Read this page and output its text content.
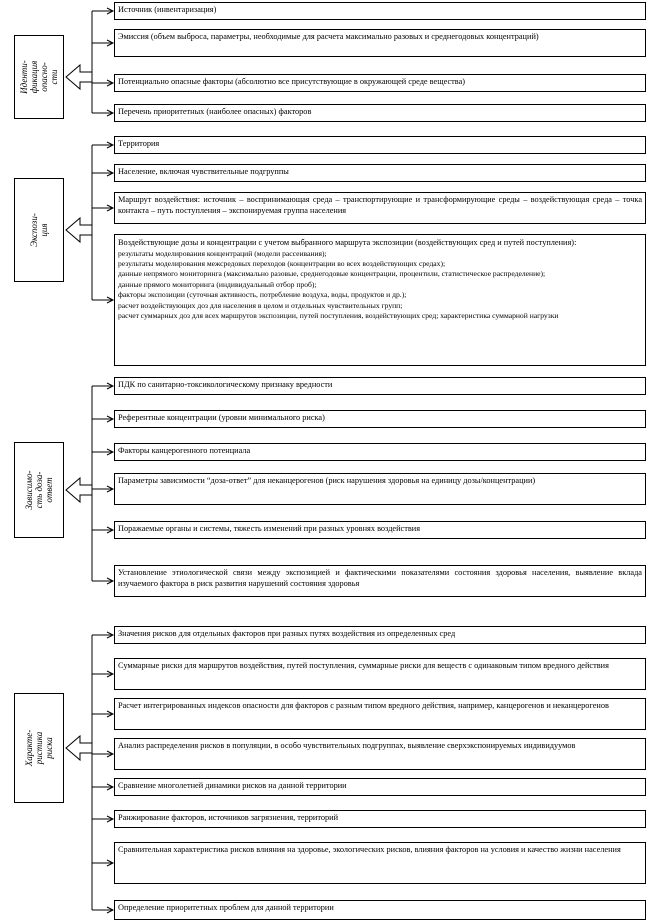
Иденти-
фикация
опасно-
сти
Источник (инвентаризация)
Эмиссия (объем выброса, параметры, необходимые для расчета максимально разовых и среднегодовых концентраций)
Потенциально опасные факторы (абсолютно все присутствующие в окружающей среде вещества)
Перечень приоритетных (наиболее опасных) факторов
Экспози-
ция
Территория
Население, включая чувствительные подгруппы
Маршрут воздействия: источник – воспринимающая среда – транспортирующие и трансформирующие среды – воздействующая среда – точка контакта – путь поступления – экспонируемая группа населения
Воздействующие дозы и концентрации с учетом выбранного маршрута экспозиции (воздействующих сред и путей поступления):
результаты моделирования концентраций (модели рассеивания);
результаты моделирования межсредовых переходов (концентрации во всех воздействующих средах);
данные непрямого мониторинга (максимально разовые, среднегодовые концентрации, процентили, статистическое распределение);
данные прямого мониторинга (индивидуальный отбор проб);
факторы экспозиции (суточная активность, потребление воздуха, воды, продуктов и др.);
расчет воздействующих доз для населения в целом и отдельных чувствительных групп;
расчет суммарных доз для всех маршрутов экспозиции, путей поступления, воздействующих сред; характеристика суммарной нагрузки
Зависимо-
сть доза-
ответ
ПДК по санитарно-токсикологическому признаку вредности
Референтные концентрации (уровни минимального риска)
Факторы канцерогенного потенциала
Параметры зависимости “доза-ответ” для неканцерогенов (риск нарушения здоровья на единицу дозы/концентрации)
Поражаемые органы и системы, тяжесть изменений при разных уровнях воздействия
Установление этиологической связи между экспозицией и фактическими показателями состояния здоровья населения, выявление вклада изучаемого фактора в риск развития нарушений состояния здоровья
Характе-
ристика
риска
Значения рисков для отдельных факторов при разных путях воздействия из определенных сред
Суммарные риски для маршрутов воздействия, путей поступления, суммарные риски для веществ с одинаковым типом вредного действия
Расчет интегрированных индексов опасности для факторов с разным типом вредного действия, например, канцерогенов и неканцерогенов
Анализ распределения рисков в популяции, в особо чувствительных подгруппах, выявление сверхэкспонируемых индивидуумов
Сравнение многолетней динамики рисков на данной территории
Ранжирование факторов, источников загрязнения, территорий
Сравнительная характеристика рисков влияния на здоровье, экологических рисков, влияния факторов на условия и качество жизни населения
Определение приоритетных проблем для данной территории
